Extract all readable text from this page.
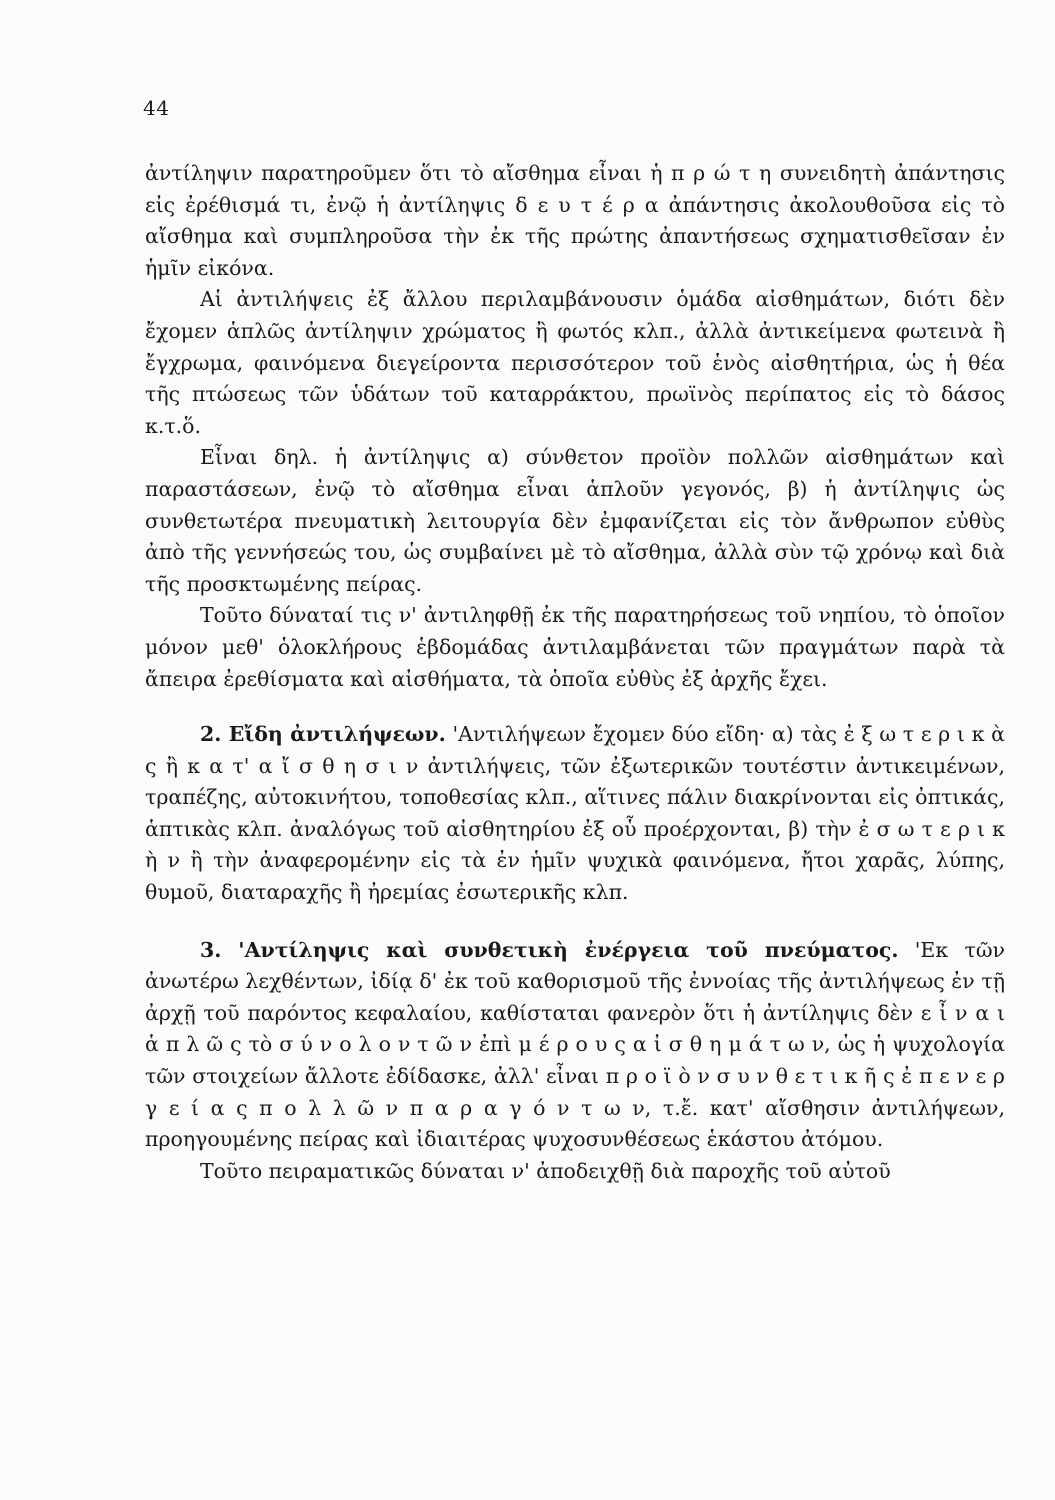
44

ἀντίληψιν παρατηροῦμεν ὅτι τὸ αἴσθημα εἶναι ἡ π ρ ώ τ η συνειδητὴ ἀπάντησις εἰς ἐρέθισμά τι, ἐνῷ ἡ ἀντίληψις δ ε υ τ έ ρ α ἀπάντησις ἀκολουθοῦσα εἰς τὸ αἴσθημα καὶ συμπληροῦσα τὴν ἐκ τῆς πρώτης ἀπαντήσεως σχηματισθεῖσαν ἐν ἡμῖν εἰκόνα.

Αἱ ἀντιλήψεις ἐξ ἄλλου περιλαμβάνουσιν ὁμάδα αἰσθημάτων, διότι δὲν ἔχομεν ἁπλῶς ἀντίληψιν χρώματος ἢ φωτός κλπ., ἀλλὰ ἀντικείμενα φωτεινὰ ἢ ἔγχρωμα, φαινόμενα διεγείροντα περισσότερον τοῦ ἑνὸς αἰσθητήρια, ὡς ἡ θέα τῆς πτώσεως τῶν ὑδάτων τοῦ καταρράκτου, πρωϊνὸς περίπατος εἰς τὸ δάσος κ.τ.ὅ.

Εἶναι δηλ. ἡ ἀντίληψις α) σύνθετον προϊὸν πολλῶν αἰσθημάτων καὶ παραστάσεων, ἐνῷ τὸ αἴσθημα εἶναι ἁπλοῦν γεγονός, β) ἡ ἀντίληψις ὡς συνθετωτέρα πνευματικὴ λειτουργία δὲν ἐμφανίζεται εἰς τὸν ἄνθρωπον εὐθὺς ἀπὸ τῆς γεννήσεώς του, ὡς συμβαίνει μὲ τὸ αἴσθημα, ἀλλὰ σὺν τῷ χρόνῳ καὶ διὰ τῆς προσκτωμένης πείρας.

Τοῦτο δύναταί τις ν' ἀντιληφθῇ ἐκ τῆς παρατηρήσεως τοῦ νηπίου, τὸ ὁποῖον μόνον μεθ' ὁλοκλήρους ἑβδομάδας ἀντιλαμβάνεται τῶν πραγμάτων παρὰ τὰ ἄπειρα ἐρεθίσματα καὶ αἰσθήματα, τὰ ὁποῖα εὐθὺς ἐξ ἀρχῆς ἔχει.

2. Εἴδη ἀντιλήψεων. 'Αντιλήψεων ἔχομεν δύο εἴδη· α) τὰς ἐ ξ ω τ ε ρ ι κ ὰ ς ἢ κ α τ' α ἴ σ θ η σ ι ν ἀντιλήψεις, τῶν ἐξωτερικῶν τουτέστιν ἀντικειμένων, τραπέζης, αὐτοκινήτου, τοποθεσίας κλπ., αἵτινες πάλιν διακρίνονται εἰς ὀπτικάς, ἁπτικὰς κλπ. ἀναλόγως τοῦ αἰσθητηρίου ἐξ οὗ προέρχονται, β) τὴν ἐ σ ω τ ε ρ ι κ ὴ ν ἢ τὴν ἀναφερομένην εἰς τὰ ἐν ἡμῖν ψυχικὰ φαινόμενα, ἤτοι χαρᾶς, λύπης, θυμοῦ, διαταραχῆς ἢ ἠρεμίας ἐσωτερικῆς κλπ.

3. 'Αντίληψις καὶ συνθετικὴ ἐνέργεια τοῦ πνεύματος. 'Εκ τῶν ἀνωτέρω λεχθέντων, ἰδίᾳ δ' ἐκ τοῦ καθορισμοῦ τῆς ἐννοίας τῆς ἀντιλήψεως ἐν τῇ ἀρχῇ τοῦ παρόντος κεφαλαίου, καθίσταται φανερὸν ὅτι ἡ ἀντίληψις δὲν ε ἶ ν α ι ἁ π λ ῶ ς τὸ σ ύ ν ο λ ο ν τ ῶ ν ἐπὶ μ έ ρ ο υ ς α ἰ σ θ η μ ά τ ω ν, ὡς ἡ ψυχολογία τῶν στοιχείων ἄλλοτε ἐδίδασκε, ἀλλ' εἶναι π ρ ο ϊ ὸ ν σ υ ν θ ε τ ι κ ῆ ς ἐ π ε ν ε ρ γ ε ί α ς π ο λ λ ῶ ν π α ρ α γ ό ν τ ω ν, τ.ἔ. κατ' αἴσθησιν ἀντιλήψεων, προηγουμένης πείρας καὶ ἰδιαιτέρας ψυχοσυνθέσεως ἑκάστου ἀτόμου.

Τοῦτο πειραματικῶς δύναται ν' ἀποδειχθῇ διὰ παροχῆς τοῦ αὐτοῦ
